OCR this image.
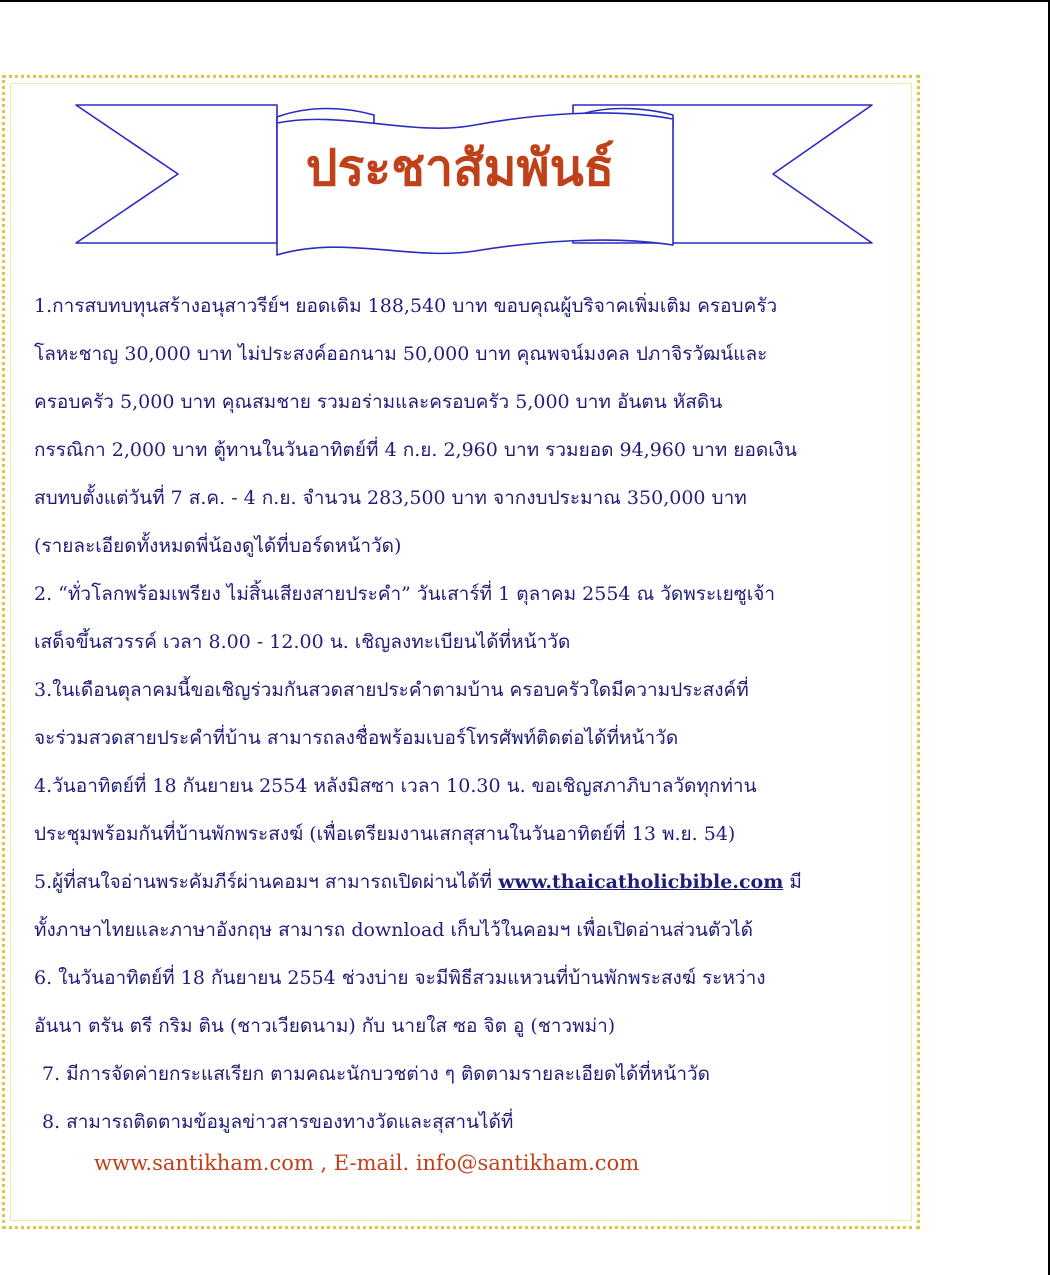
ประชาสัมพันธ์

1.การสบทบทุนสร้างอนุสาวรีย์ฯ ยอดเดิม 188,540 บาท ขอบคุณผู้บริจาคเพิ่มเติม ครอบครัว

โลหะชาญ 30,000 บาท ไม่ประสงค์ออกนาม 50,000 บาท คุณพจน์มงคล ปภาจิรวัฒน์และ

ครอบครัว 5,000 บาท คุณสมชาย รวมอร่ามและครอบครัว 5,000 บาท อันตน หัสดิน

กรรณิกา 2,000 บาท ตู้ทานในวันอาทิตย์ที่ 4 ก.ย. 2,960 บาท รวมยอด 94,960 บาท ยอดเงิน

สบทบตั้งแต่วันที่ 7 ส.ค. - 4 ก.ย. จำนวน 283,500 บาท จากงบประมาณ 350,000 บาท

(รายละเอียดทั้งหมดพี่น้องดูได้ที่บอร์ดหน้าวัด)

2. “ทั่วโลกพร้อมเพรียง ไม่สิ้นเสียงสายประคำ” วันเสาร์ที่ 1 ตุลาคม 2554 ณ วัดพระเยซูเจ้า

เสด็จขึ้นสวรรค์ เวลา 8.00 - 12.00 น. เชิญลงทะเบียนได้ที่หน้าวัด

3.ในเดือนตุลาคมนี้ขอเชิญร่วมกันสวดสายประคำตามบ้าน ครอบครัวใดมีความประสงค์ที่

จะร่วมสวดสายประคำที่บ้าน สามารถลงชื่อพร้อมเบอร์โทรศัพท์ติดต่อได้ที่หน้าวัด

4.วันอาทิตย์ที่ 18 กันยายน 2554 หลังมิสซา เวลา 10.30 น. ขอเชิญสภาภิบาลวัดทุกท่าน

ประชุมพร้อมกันที่บ้านพักพระสงฆ์ (เพื่อเตรียมงานเสกสุสานในวันอาทิตย์ที่ 13 พ.ย. 54)

5.ผู้ที่สนใจอ่านพระคัมภีร์ผ่านคอมฯ สามารถเปิดผ่านได้ที่ www.thaicatholicbible.com มี

ทั้งภาษาไทยและภาษาอังกฤษ สามารถ download เก็บไว้ในคอมฯ เพื่อเปิดอ่านส่วนตัวได้

6. ในวันอาทิตย์ที่ 18 กันยายน 2554 ช่วงบ่าย จะมีพิธีสวมแหวนที่บ้านพักพระสงฆ์ ระหว่าง

อันนา ตรัน ตรี กริม ติน (ชาวเวียดนาม) กับ นายใส ซอ จิต อู (ชาวพม่า)

7. มีการจัดค่ายกระแสเรียก ตามคณะนักบวชต่าง ๆ ติดตามรายละเอียดได้ที่หน้าวัด

8. สามารถติดตามข้อมูลข่าวสารของทางวัดและสุสานได้ที่

www.santikham.com , E-mail. info@santikham.com
